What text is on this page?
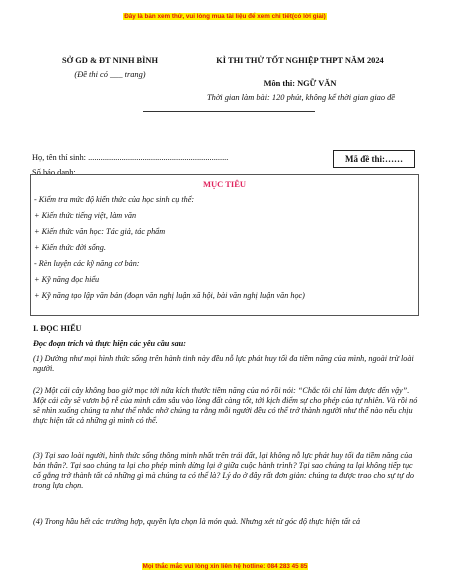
Đây là bản xem thử, vui lòng mua tài liệu để xem chi tiết(có lời giải)
SỞ GD & ĐT NINH BÌNH
(Đề thi có ___ trang)
KÌ THI THỬ TỐT NGHIỆP THPT NĂM 2024
Môn thi: NGỮ VĂN
Thời gian làm bài: 120 phút, không kể thời gian giao đề
Họ, tên thí sinh: ...................................................................
Số báo danh: ..........................................................................
Mã đề thi:……
MỤC TIÊU
- Kiểm tra mức độ kiến thức của học sinh cụ thể:
+ Kiến thức tiếng việt, làm văn
+ Kiến thức văn học: Tác giả, tác phẩm
+ Kiến thức đời sống.
- Rèn luyện các kỹ năng cơ bản:
+ Kỹ năng đọc hiểu
+ Kỹ năng tạo lập văn bản (đoạn văn nghị luận xã hội, bài văn nghị luận văn học)
I. ĐỌC HIỂU
Đọc đoạn trích và thực hiện các yêu cầu sau:
(1) Dường như mọi hình thức sống trên hành tinh này đều nỗ lực phát huy tối đa tiềm năng của mình, ngoài trừ loài người.
(2) Một cái cây không bao giờ mọc tới nửa kích thước tiềm năng của nó rồi nói: “Chắc tôi chỉ làm được đến vậy”. Một cái cây sẽ vươn bộ rễ của mình cắm sâu vào lòng đất càng tốt, tới kịch điểm sự cho phép của tự nhiên. Và rồi nó sẽ nhìn xuống chúng ta như thể nhắc nhở chúng ta rằng mỗi người đều có thể trở thành người như thế nào nếu chịu thực hiện tất cả những gì mình có thể.
(3) Tại sao loài người, hình thức sống thông minh nhất trên trái đất, lại không nỗ lực phát huy tối đa tiềm năng của bản thân?. Tại sao chúng ta lại cho phép mình dừng lại ở giữa cuộc hành trình? Tại sao chúng ta lại không tiếp tục cố gắng trở thành tất cả những gì mà chúng ta có thể là? Lý do ở đây rất đơn giản: chúng ta được trao cho sự tự do trong lựa chọn.
(4) Trong hầu hết các trường hợp, quyền lựa chọn là món quà. Nhưng xét từ góc độ thực hiện tất cả
Mọi thắc mắc vui lòng xin liên hệ hotline: 084 283 45 85
